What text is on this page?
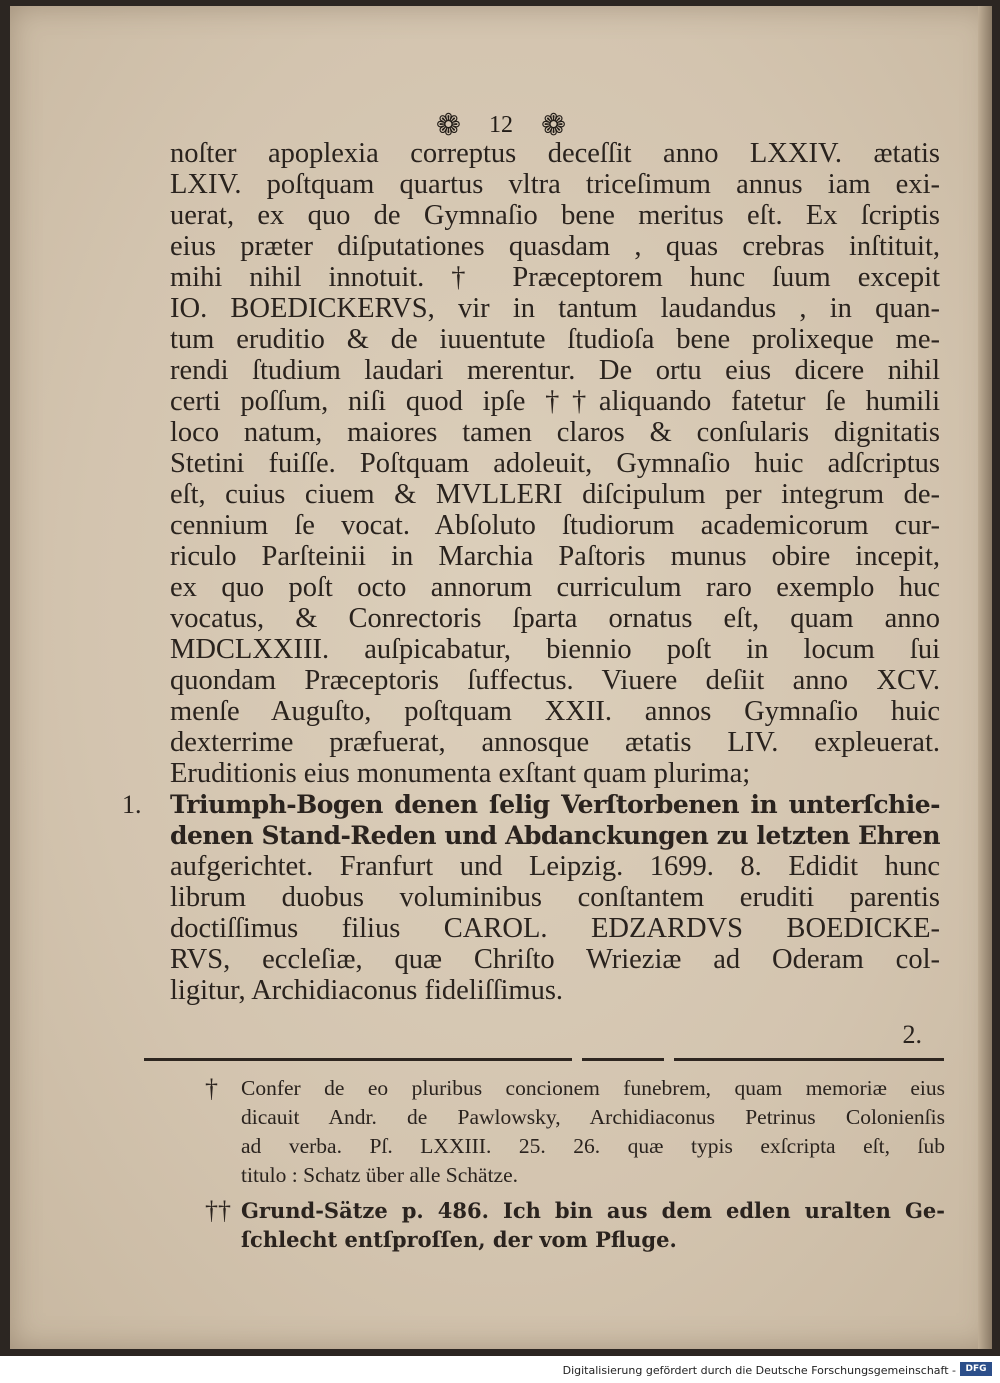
❁ 12 ❁
noſter apoplexia correptus deceſſit anno LXXIV. ætatis
LXIV. poſtquam quartus vltra triceſimum annus iam exi-
uerat, ex quo de Gymnaſio bene meritus eſt. Ex ſcriptis
eius præter diſputationes quasdam , quas crebras inſtituit,
mihi nihil innotuit. † Præceptorem hunc ſuum excepit
IO. BOEDICKERVS, vir in tantum laudandus , in quan-
tum eruditio & de iuuentute ſtudioſa bene prolixeque me-
rendi ſtudium laudari merentur. De ortu eius dicere nihil
certi poſſum, niſi quod ipſe ††aliquando fatetur ſe humili
loco natum, maiores tamen claros & conſularis dignitatis
Stetini fuiſſe. Poſtquam adoleuit, Gymnaſio huic adſcriptus
eſt, cuius ciuem & MVLLERI diſcipulum per integrum de-
cennium ſe vocat. Abſoluto ſtudiorum academicorum cur-
riculo Parſteinii in Marchia Paſtoris munus obire incepit,
ex quo poſt octo annorum curriculum raro exemplo huc
vocatus, & Conrectoris ſparta ornatus eſt, quam anno
MDCLXXIII. auſpicabatur, biennio poſt in locum ſui
quondam Præceptoris ſuffectus. Viuere deſiit anno XCV.
menſe Auguſto, poſtquam XXII. annos Gymnaſio huic
dexterrime præfuerat, annosque ætatis LIV. expleuerat.
Eruditionis eius monumenta exſtant quam plurima;
1. Triumph-Bogen denen ſelig Verſtorbenen in unterſchie-
denen Stand-Reden und Abdanckungen zu letzten Ehren
aufgerichtet. Franfurt und Leipzig. 1699. 8. Edidit hunc
librum duobus voluminibus conſtantem eruditi parentis
doctiſſimus filius CAROL. EDZARDVS BOEDICKE-
RVS, eccleſiæ, quæ Chriſto Wrieziæ ad Oderam col-
ligitur, Archidiaconus fideliſſimus.
2.
† Confer de eo pluribus concionem funebrem, quam memoriæ eius
dicauit Andr. de Pawlowsky, Archidiaconus Petrinus Colonienſis
ad verba. Pſ. LXXIII. 25. 26. quæ typis exſcripta eſt, ſub
titulo : Schatz über alle Schätze.
†† Grund-Sätze p. 486. Ich bin aus dem edlen uralten Ge-
ſchlecht entſproſſen, der vom Pfluge.
Digitalisierung gefördert durch die Deutsche Forschungsgemeinschaft -	DFG
